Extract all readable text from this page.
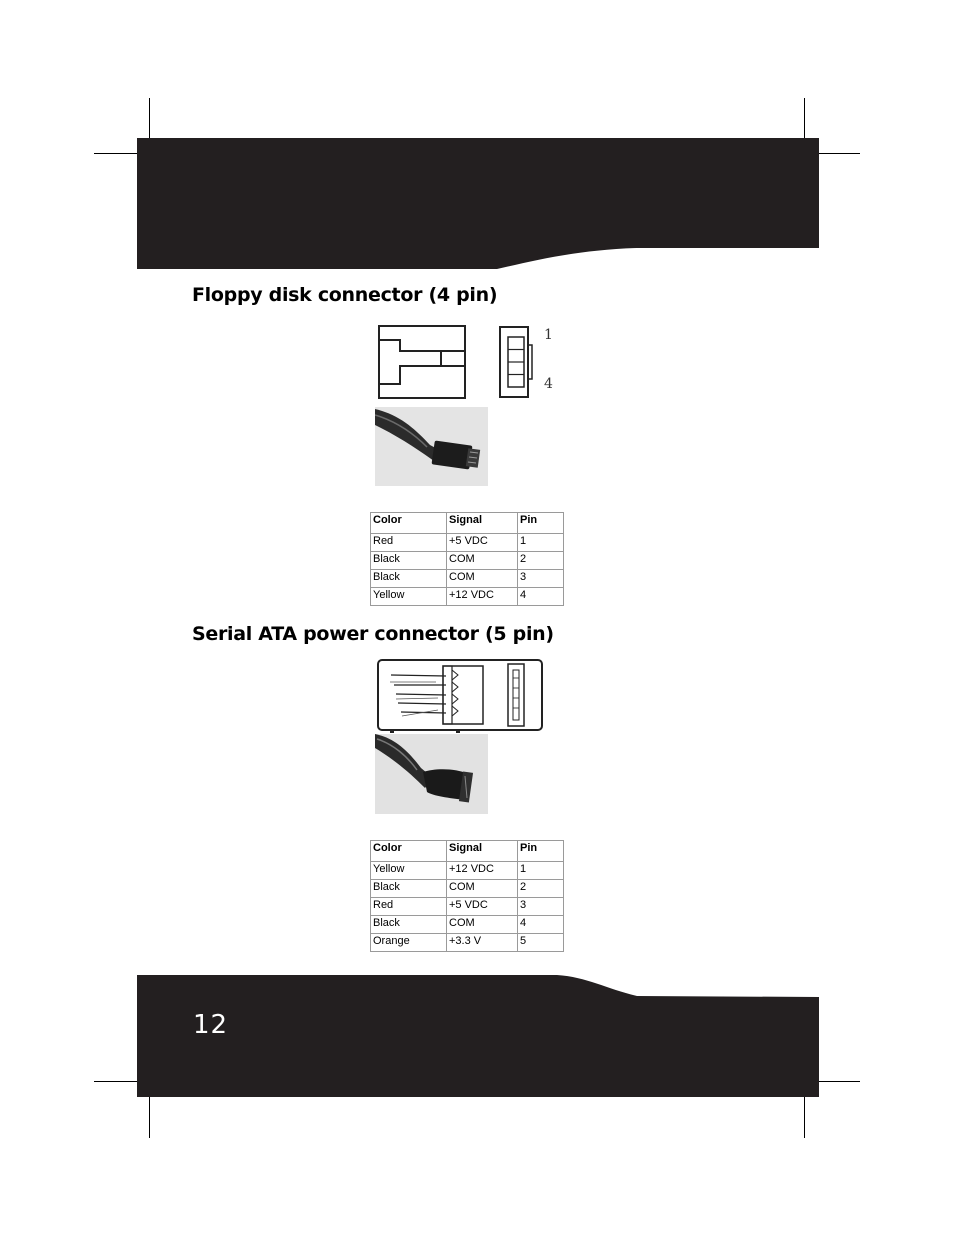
Floppy disk connector (4 pin)
1
4
Color	Signal	Pin
Red	+5 VDC	1
Black	COM	2
Black	COM	3
Yellow	+12 VDC	4
Serial ATA power connector (5 pin)
Color	Signal	Pin
Yellow	+12 VDC	1
Black	COM	2
Red	+5 VDC	3
Black	COM	4
Orange	+3.3 V	5
12
